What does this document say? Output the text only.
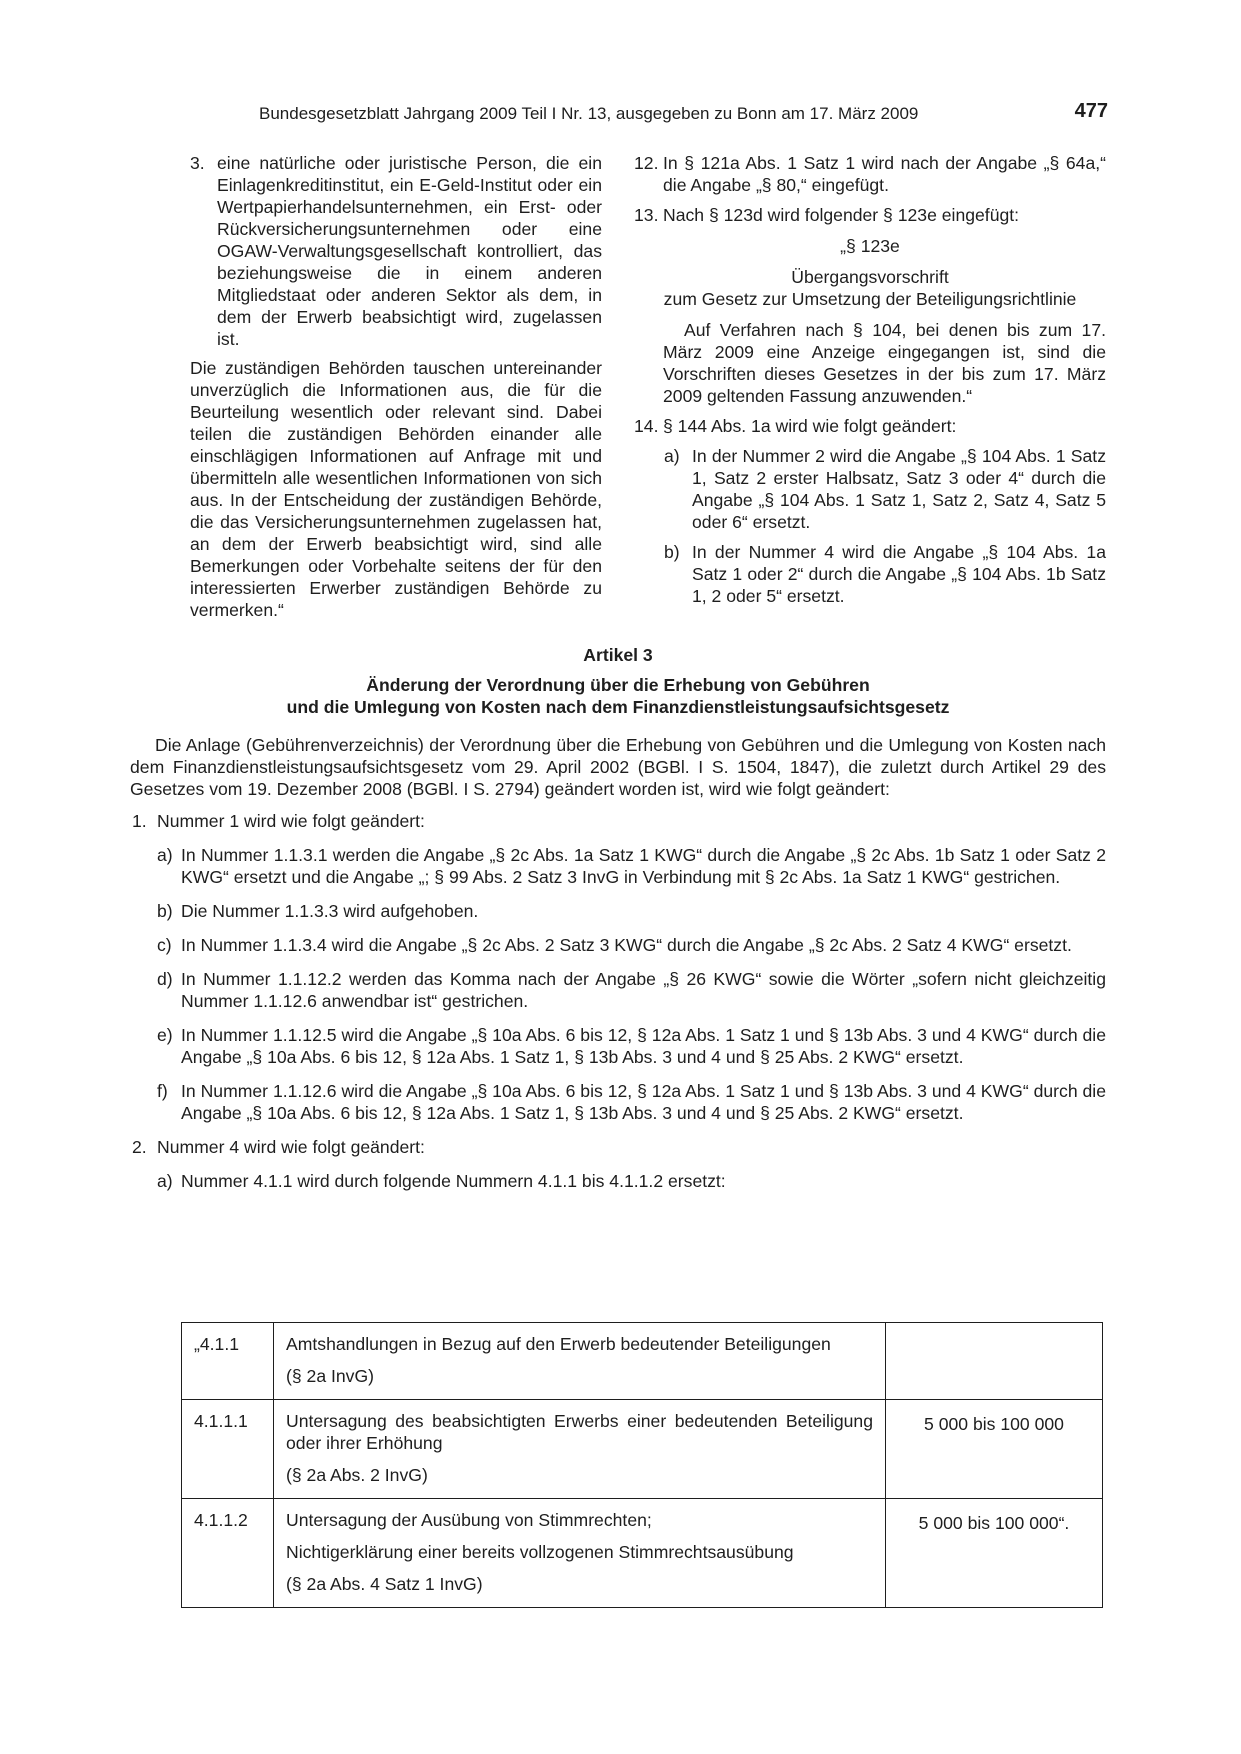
Bundesgesetzblatt Jahrgang 2009 Teil I Nr. 13, ausgegeben zu Bonn am 17. März 2009	477
3. eine natürliche oder juristische Person, die ein Einlagenkreditinstitut, ein E-Geld-Institut oder ein Wertpapierhandelsunternehmen, ein Erst- oder Rückversicherungsunternehmen oder eine OGAW-Verwaltungsgesellschaft kontrolliert, das beziehungsweise die in einem anderen Mitgliedstaat oder anderen Sektor als dem, in dem der Erwerb beabsichtigt wird, zugelassen ist.

Die zuständigen Behörden tauschen untereinander unverzüglich die Informationen aus, die für die Beurteilung wesentlich oder relevant sind. Dabei teilen die zuständigen Behörden einander alle einschlägigen Informationen auf Anfrage mit und übermitteln alle wesentlichen Informationen von sich aus. In der Entscheidung der zuständigen Behörde, die das Versicherungsunternehmen zugelassen hat, an dem der Erwerb beabsichtigt wird, sind alle Bemerkungen oder Vorbehalte seitens der für den interessierten Erwerber zuständigen Behörde zu vermerken.“

12. In § 121a Abs. 1 Satz 1 wird nach der Angabe „§ 64a,“ die Angabe „§ 80,“ eingefügt.

13. Nach § 123d wird folgender § 123e eingefügt:

„§ 123e

Übergangsvorschrift

zum Gesetz zur Umsetzung der Beteiligungsrichtlinie

Auf Verfahren nach § 104, bei denen bis zum 17. März 2009 eine Anzeige eingegangen ist, sind die Vorschriften dieses Gesetzes in der bis zum 17. März 2009 geltenden Fassung anzuwenden.“

14. § 144 Abs. 1a wird wie folgt geändert:

a) In der Nummer 2 wird die Angabe „§ 104 Abs. 1 Satz 1, Satz 2 erster Halbsatz, Satz 3 oder 4“ durch die Angabe „§ 104 Abs. 1 Satz 1, Satz 2, Satz 4, Satz 5 oder 6“ ersetzt.

b) In der Nummer 4 wird die Angabe „§ 104 Abs. 1a Satz 1 oder 2“ durch die Angabe „§ 104 Abs. 1b Satz 1, 2 oder 5“ ersetzt.

Artikel 3
Änderung der Verordnung über die Erhebung von Gebühren
und die Umlegung von Kosten nach dem Finanzdienstleistungsaufsichtsgesetz

Die Anlage (Gebührenverzeichnis) der Verordnung über die Erhebung von Gebühren und die Umlegung von Kosten nach dem Finanzdienstleistungsaufsichtsgesetz vom 29. April 2002 (BGBl. I S. 1504, 1847), die zuletzt durch Artikel 29 des Gesetzes vom 19. Dezember 2008 (BGBl. I S. 2794) geändert worden ist, wird wie folgt geändert:

1. Nummer 1 wird wie folgt geändert:

a) In Nummer 1.1.3.1 werden die Angabe „§ 2c Abs. 1a Satz 1 KWG“ durch die Angabe „§ 2c Abs. 1b Satz 1 oder Satz 2 KWG“ ersetzt und die Angabe „; § 99 Abs. 2 Satz 3 InvG in Verbindung mit § 2c Abs. 1a Satz 1 KWG“ gestrichen.

b) Die Nummer 1.1.3.3 wird aufgehoben.

c) In Nummer 1.1.3.4 wird die Angabe „§ 2c Abs. 2 Satz 3 KWG“ durch die Angabe „§ 2c Abs. 2 Satz 4 KWG“ ersetzt.

d) In Nummer 1.1.12.2 werden das Komma nach der Angabe „§ 26 KWG“ sowie die Wörter „sofern nicht gleichzeitig Nummer 1.1.12.6 anwendbar ist“ gestrichen.

e) In Nummer 1.1.12.5 wird die Angabe „§ 10a Abs. 6 bis 12, § 12a Abs. 1 Satz 1 und § 13b Abs. 3 und 4 KWG“ durch die Angabe „§ 10a Abs. 6 bis 12, § 12a Abs. 1 Satz 1, § 13b Abs. 3 und 4 und § 25 Abs. 2 KWG“ ersetzt.

f) In Nummer 1.1.12.6 wird die Angabe „§ 10a Abs. 6 bis 12, § 12a Abs. 1 Satz 1 und § 13b Abs. 3 und 4 KWG“ durch die Angabe „§ 10a Abs. 6 bis 12, § 12a Abs. 1 Satz 1, § 13b Abs. 3 und 4 und § 25 Abs. 2 KWG“ ersetzt.

2. Nummer 4 wird wie folgt geändert:

a) Nummer 4.1.1 wird durch folgende Nummern 4.1.1 bis 4.1.1.2 ersetzt:

„4.1.1	Amtshandlungen in Bezug auf den Erwerb bedeutender Beteiligungen
(§ 2a InvG)	

4.1.1.1	Untersagung des beabsichtigten Erwerbs einer bedeutenden Beteiligung oder ihrer Erhöhung
(§ 2a Abs. 2 InvG)	5 000 bis 100 000
4.1.1.2	Untersagung der Ausübung von Stimmrechten;
Nichtigerklärung einer bereits vollzogenen Stimmrechtsausübung
(§ 2a Abs. 4 Satz 1 InvG)	5 000 bis 100 000“.
